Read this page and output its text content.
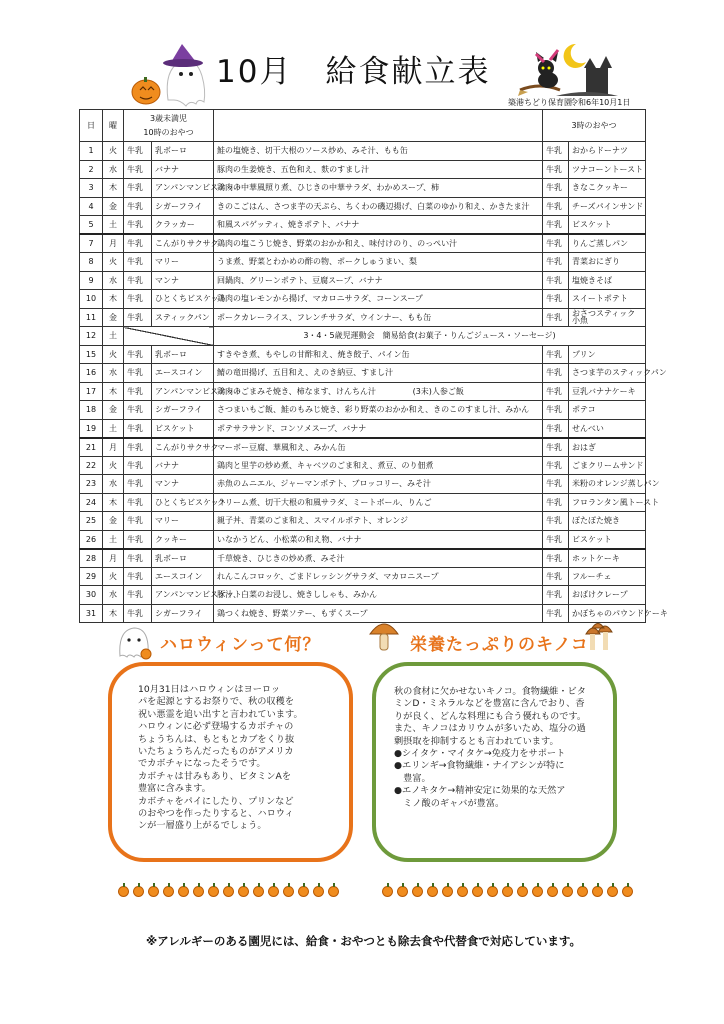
10月　給食献立表
築港ちどり保育園
令和6年10月1日
日	曜	3歳未満児
10時のおやつ			3時のおやつ	
1	火	牛乳	乳ボーロ	鮭の塩焼き、切干大根のソース炒め、みそ汁、もも缶	牛乳	おからドーナツ
2	水	牛乳	バナナ	豚肉の生姜焼き、五色和え、麩のすまし汁	牛乳	ツナコーントースト
3	木	牛乳	アンパンマンビスケット	鶏肉の中華風照り煮、ひじきの中華サラダ、わかめスープ、柿	牛乳	きなこクッキー
4	金	牛乳	シガーフライ	きのこごはん、さつま芋の天ぷら、ちくわの磯辺揚げ、白菜のゆかり和え、かきたま汁	牛乳	チーズパインサンド
5	土	牛乳	クラッカー	和風スパゲッティ、焼きポテト、バナナ	牛乳	ビスケット
7	月	牛乳	こんがりサクサク	鶏肉の塩こうじ焼き、野菜のおかか和え、味付けのり、のっぺい汁	牛乳	りんご蒸しパン
8	火	牛乳	マリー	うま煮、野菜とわかめの酢の物、ポークしゅうまい、梨	牛乳	青菜おにぎり
9	水	牛乳	マンナ	回鍋肉、グリーンポテト、豆腐スープ、バナナ	牛乳	塩焼きそば
10	木	牛乳	ひとくちビスケット	鶏肉の塩レモンから揚げ、マカロニサラダ、コーンスープ	牛乳	スイートポテト
11	金	牛乳	スティックパン	ポークカレーライス、フレンチサラダ、ウインナー、もも缶	牛乳	おさつスティック
小魚
12	土			3・4・5歳児運動会　簡易給食(お菓子・りんごジュース・ソーセージ)		
15	火	牛乳	乳ボーロ	すきやき煮、もやしの甘酢和え、焼き餃子、パイン缶	牛乳	プリン
16	水	牛乳	エースコイン	鯖の竜田揚げ、五目和え、えのき納豆、すまし汁	牛乳	さつま芋のスティックパン
17	木	牛乳	アンパンマンビスケット	鶏肉のごまみそ焼き、柿なます、けんちん汁 (3未)人参ご飯	牛乳	豆乳バナナケーキ
18	金	牛乳	シガーフライ	さつまいもご飯、鮭のもみじ焼き、彩り野菜のおかか和え、きのこのすまし汁、みかん	牛乳	ポテコ
19	土	牛乳	ビスケット	ポテサラサンド、コンソメスープ、バナナ	牛乳	せんべい
21	月	牛乳	こんがりサクサク	マーボー豆腐、華風和え、みかん缶	牛乳	おはぎ
22	火	牛乳	バナナ	鶏肉と里芋の炒め煮、キャベツのごま和え、煮豆、のり佃煮	牛乳	ごまクリームサンド
23	水	牛乳	マンナ	赤魚のムニエル、ジャーマンポテト、ブロッコリー、みそ汁	牛乳	米粉のオレンジ蒸しパン
24	木	牛乳	ひとくちビスケット	クリーム煮、切干大根の和風サラダ、ミートボール、りんご	牛乳	フロランタン風トースト
25	金	牛乳	マリー	親子丼、青菜のごま和え、スマイルポテト、オレンジ	牛乳	ぽたぽた焼き
26	土	牛乳	クッキー	いなかうどん、小松菜の和え物、バナナ	牛乳	ビスケット
28	月	牛乳	乳ボーロ	千草焼き、ひじきの炒め煮、みそ汁	牛乳	ホットケーキ
29	火	牛乳	エースコイン	れんこんコロッケ、ごまドレッシングサラダ、マカロニスープ	牛乳	フルーチェ
30	水	牛乳	アンパンマンビスケット	豚汁、白菜のお浸し、焼きししゃも、みかん	牛乳	おばけクレープ
31	木	牛乳	シガーフライ	鶏つくね焼き、野菜ソテー、もずくスープ	牛乳	かぼちゃのパウンドケーキ
ハロウィンって何？	栄養たっぷりのキノコ

10月31日はハロウィンはヨーロッ
パを起源とするお祭りで、秋の収穫を
祝い悪霊を追い出すと言われています。
ハロウィンに必ず登場するカボチャの
ちょうちんは、もともとカブをくり抜
いたちょうちんだったものがアメリカ
でカボチャになったそうです。
カボチャは甘みもあり、ビタミンAを
豊富に含みます。
カボチャをパイにしたり、プリンなど
のおやつを作ったりすると、ハロウィ
ンが一層盛り上がるでしょう。

秋の食材に欠かせないキノコ。食物繊維・ビタ
ミンD・ミネラルなどを豊富に含んでおり、香
りが良く、どんな料理にも合う優れものです。
また、キノコはカリウムが多いため、塩分の過
剰摂取を抑制するとも言われています。
●シイタケ・マイタケ→免疫力をサポート
●エリンギ→食物繊維・ナイアシンが特に
　豊富。
●エノキタケ→精神安定に効果的な天然ア
　ミノ酸のギャバが豊富。

※アレルギーのある園児には、給食・おやつとも除去食や代替食で対応しています。
